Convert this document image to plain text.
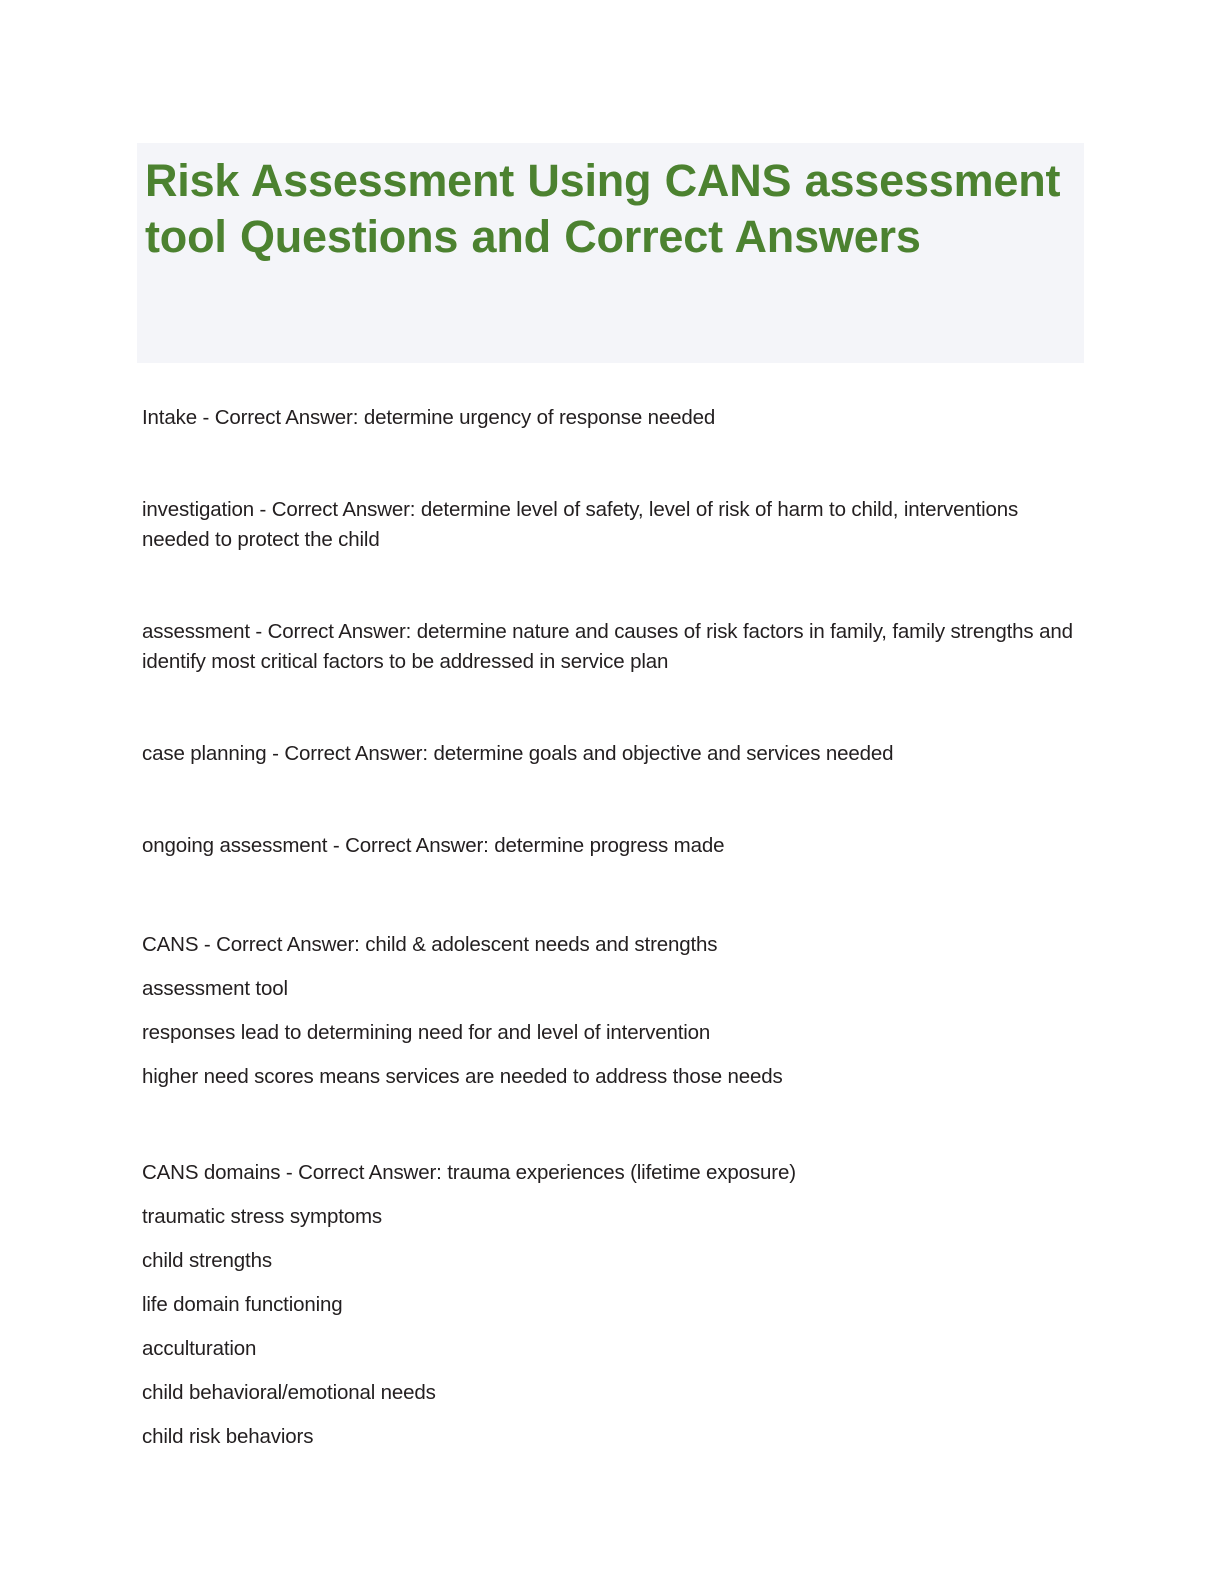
Risk Assessment Using CANS assessment tool Questions and Correct Answers

Intake - Correct Answer: determine urgency of response needed

investigation - Correct Answer: determine level of safety, level of risk of harm to child, interventions needed to protect the child

assessment - Correct Answer: determine nature and causes of risk factors in family, family strengths and identify most critical factors to be addressed in service plan

case planning - Correct Answer: determine goals and objective and services needed

ongoing assessment - Correct Answer: determine progress made

CANS - Correct Answer: child & adolescent needs and strengths

assessment tool

responses lead to determining need for and level of intervention

higher need scores means services are needed to address those needs

CANS domains - Correct Answer: trauma experiences (lifetime exposure)

traumatic stress symptoms

child strengths

life domain functioning

acculturation

child behavioral/emotional needs

child risk behaviors
